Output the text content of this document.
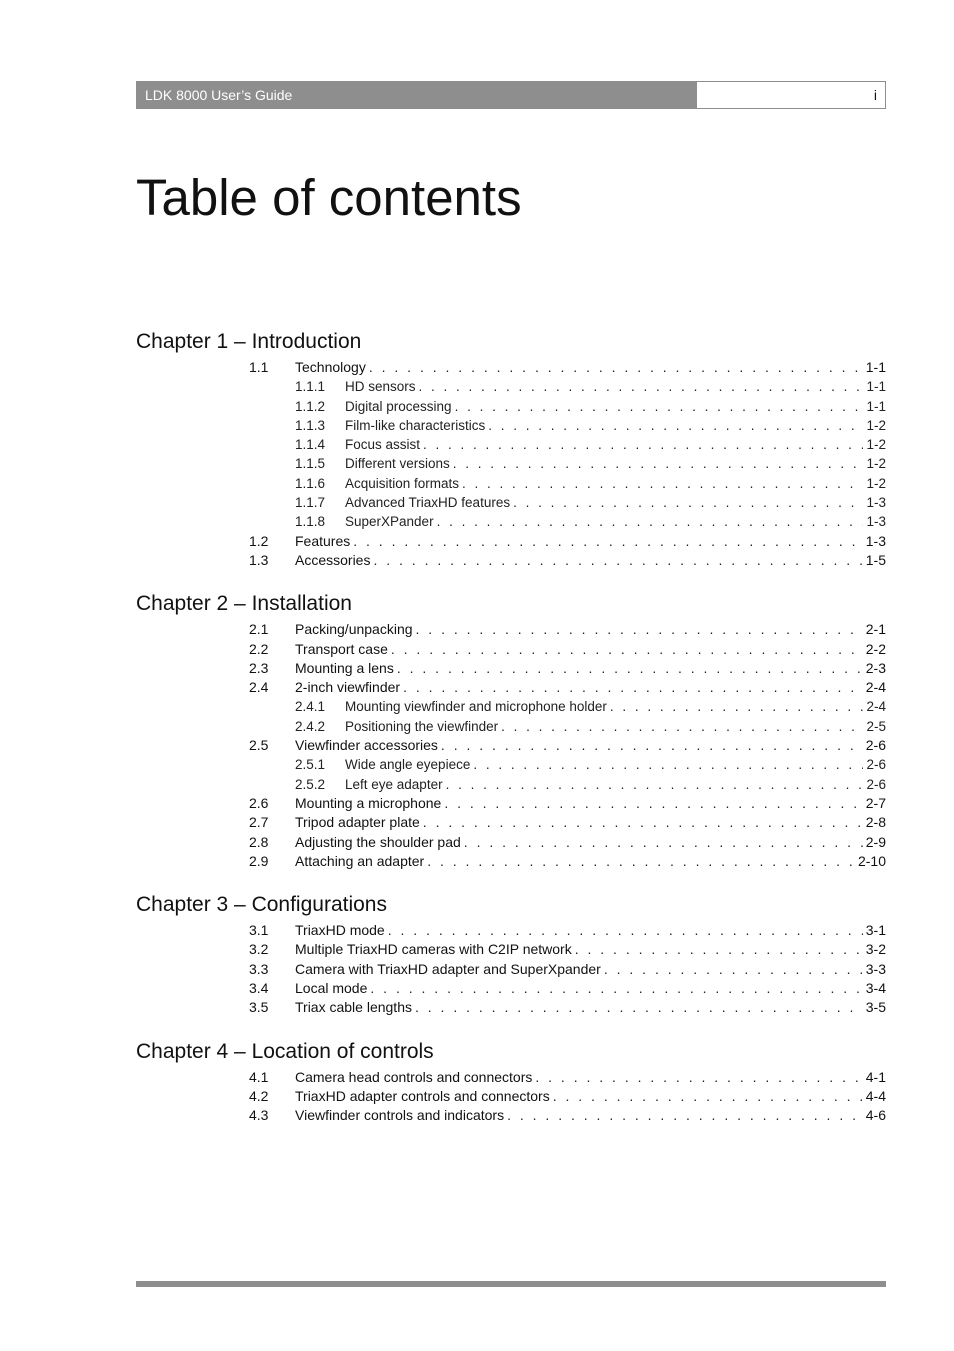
LDK 8000 User’s Guide	i
Table of contents
Chapter 1 – Introduction
1.1	Technology . . .	1-1
1.1.1	HD sensors . . .	1-1
1.1.2	Digital processing . . .	1-1
1.1.3	Film-like characteristics . . .	1-2
1.1.4	Focus assist . . .	1-2
1.1.5	Different versions . . .	1-2
1.1.6	Acquisition formats . . .	1-2
1.1.7	Advanced TriaxHD features . . .	1-3
1.1.8	SuperXPander . . .	1-3
1.2	Features . . .	1-3
1.3	Accessories . . .	1-5
Chapter 2 – Installation
2.1	Packing/unpacking . . .	2-1
2.2	Transport case . . .	2-2
2.3	Mounting a lens . . .	2-3
2.4	2-inch viewfinder . . .	2-4
2.4.1	Mounting viewfinder and microphone holder . . .	2-4
2.4.2	Positioning the viewfinder . . .	2-5
2.5	Viewfinder accessories . . .	2-6
2.5.1	Wide angle eyepiece . . .	2-6
2.5.2	Left eye adapter . . .	2-6
2.6	Mounting a microphone . . .	2-7
2.7	Tripod adapter plate . . .	2-8
2.8	Adjusting the shoulder pad . . .	2-9
2.9	Attaching an adapter . . .	2-10
Chapter 3 – Configurations
3.1	TriaxHD mode . . .	3-1
3.2	Multiple TriaxHD cameras with C2IP network . . .	3-2
3.3	Camera with TriaxHD adapter and SuperXpander . . .	3-3
3.4	Local mode . . .	3-4
3.5	Triax cable lengths . . .	3-5
Chapter 4 – Location of controls
4.1	Camera head controls and connectors . . .	4-1
4.2	TriaxHD adapter controls and connectors . . .	4-4
4.3	Viewfinder controls and indicators . . .	4-6
